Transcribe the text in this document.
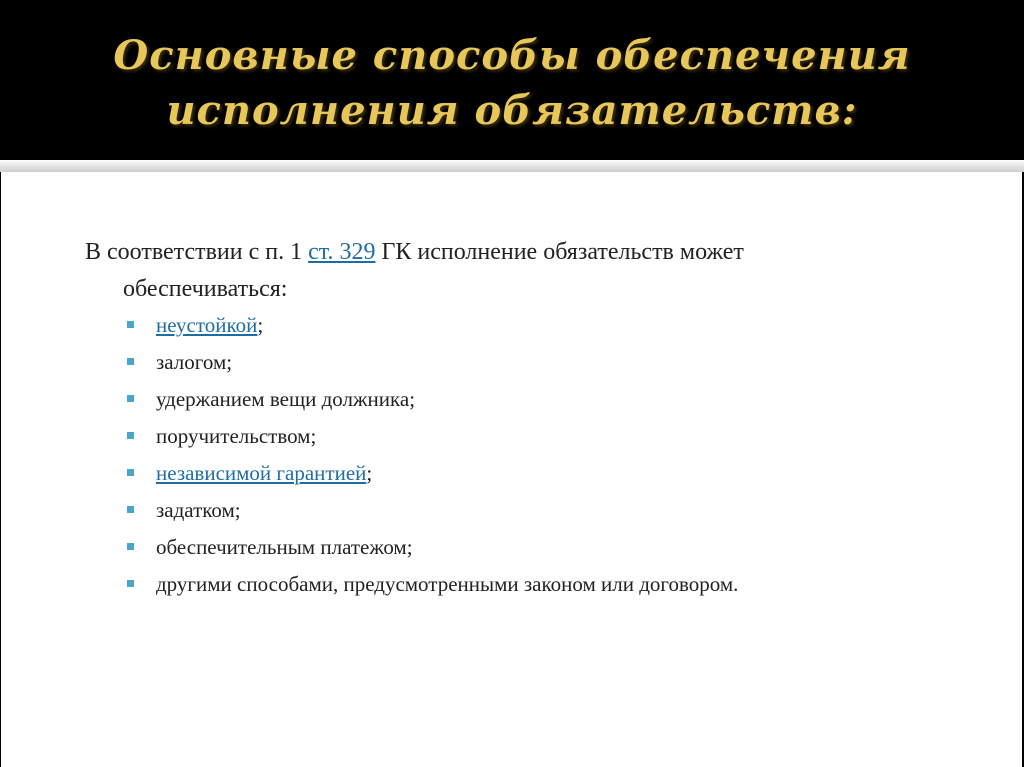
Основные способы обеспечения
исполнения обязательств:

В соответствии с п. 1 ст. 329 ГК исполнение обязательств может обеспечиваться:

неустойкой;
залогом;
удержанием вещи должника;
поручительством;
независимой гарантией;
задатком;
обеспечительным платежом;
другими способами, предусмотренными законом или договором.
